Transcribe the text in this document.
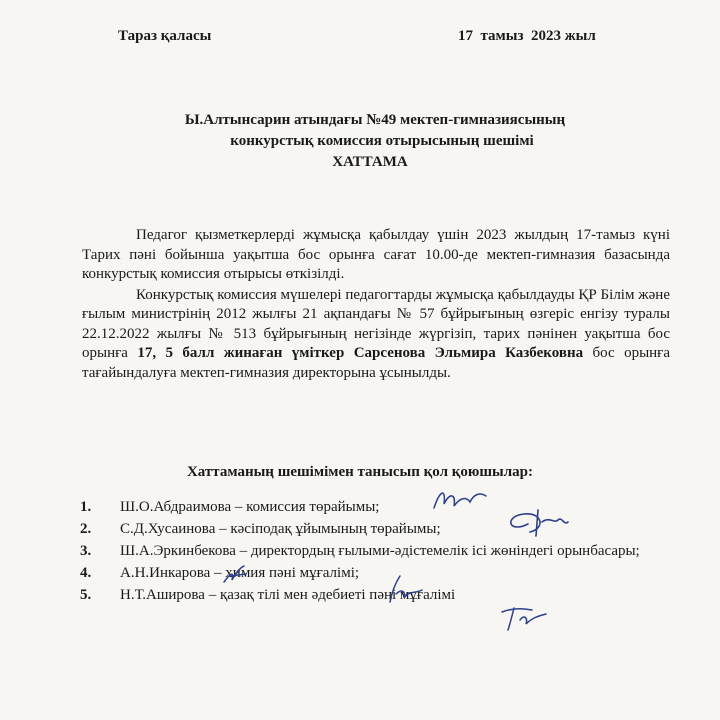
Тараз қаласы	17  тамыз  2023 жыл
Ы.Алтынсарин атындағы №49 мектеп-гимназиясының
конкурстық комиссия отырысының шешімі
ХАТТАМА

Педагог қызметкерлерді жұмысқа қабылдау үшін 2023 жылдың 17-тамыз күні Тарих пәні бойынша уақытша бос орынға сағат 10.00-де мектеп-гимназия базасында конкурстық комиссия отырысы өткізілді.

Конкурстық комиссия мүшелері педагогтарды жұмысқа қабылдауды ҚР Білім және ғылым министрінің 2012 жылғы 21 ақпандағы № 57 бұйрығының өзгеріс енгізу туралы 22.12.2022 жылғы № 513 бұйрығының негізінде жүргізіп, тарих пәнінен уақытша бос орынға 17, 5 балл жинаған үміткер Сарсенова Эльмира Казбековна бос орынға тағайындалуға мектеп-гимназия директорына ұсынылды.

Хаттаманың шешімімен танысып қол қоюшылар:
1.	Ш.О.Абдраимова – комиссия төрайымы;
2.	С.Д.Хусаинова – кәсіподақ ұйымының төрайымы;
3.	Ш.А.Эркинбекова – директордың ғылыми-әдістемелік ісі жөніндегі орынбасары;
4.	А.Н.Инкарова – химия пәні мұғалімі;
5.	Н.Т.Аширова – қазақ тілі мен әдебиеті пәні мұғалімі
